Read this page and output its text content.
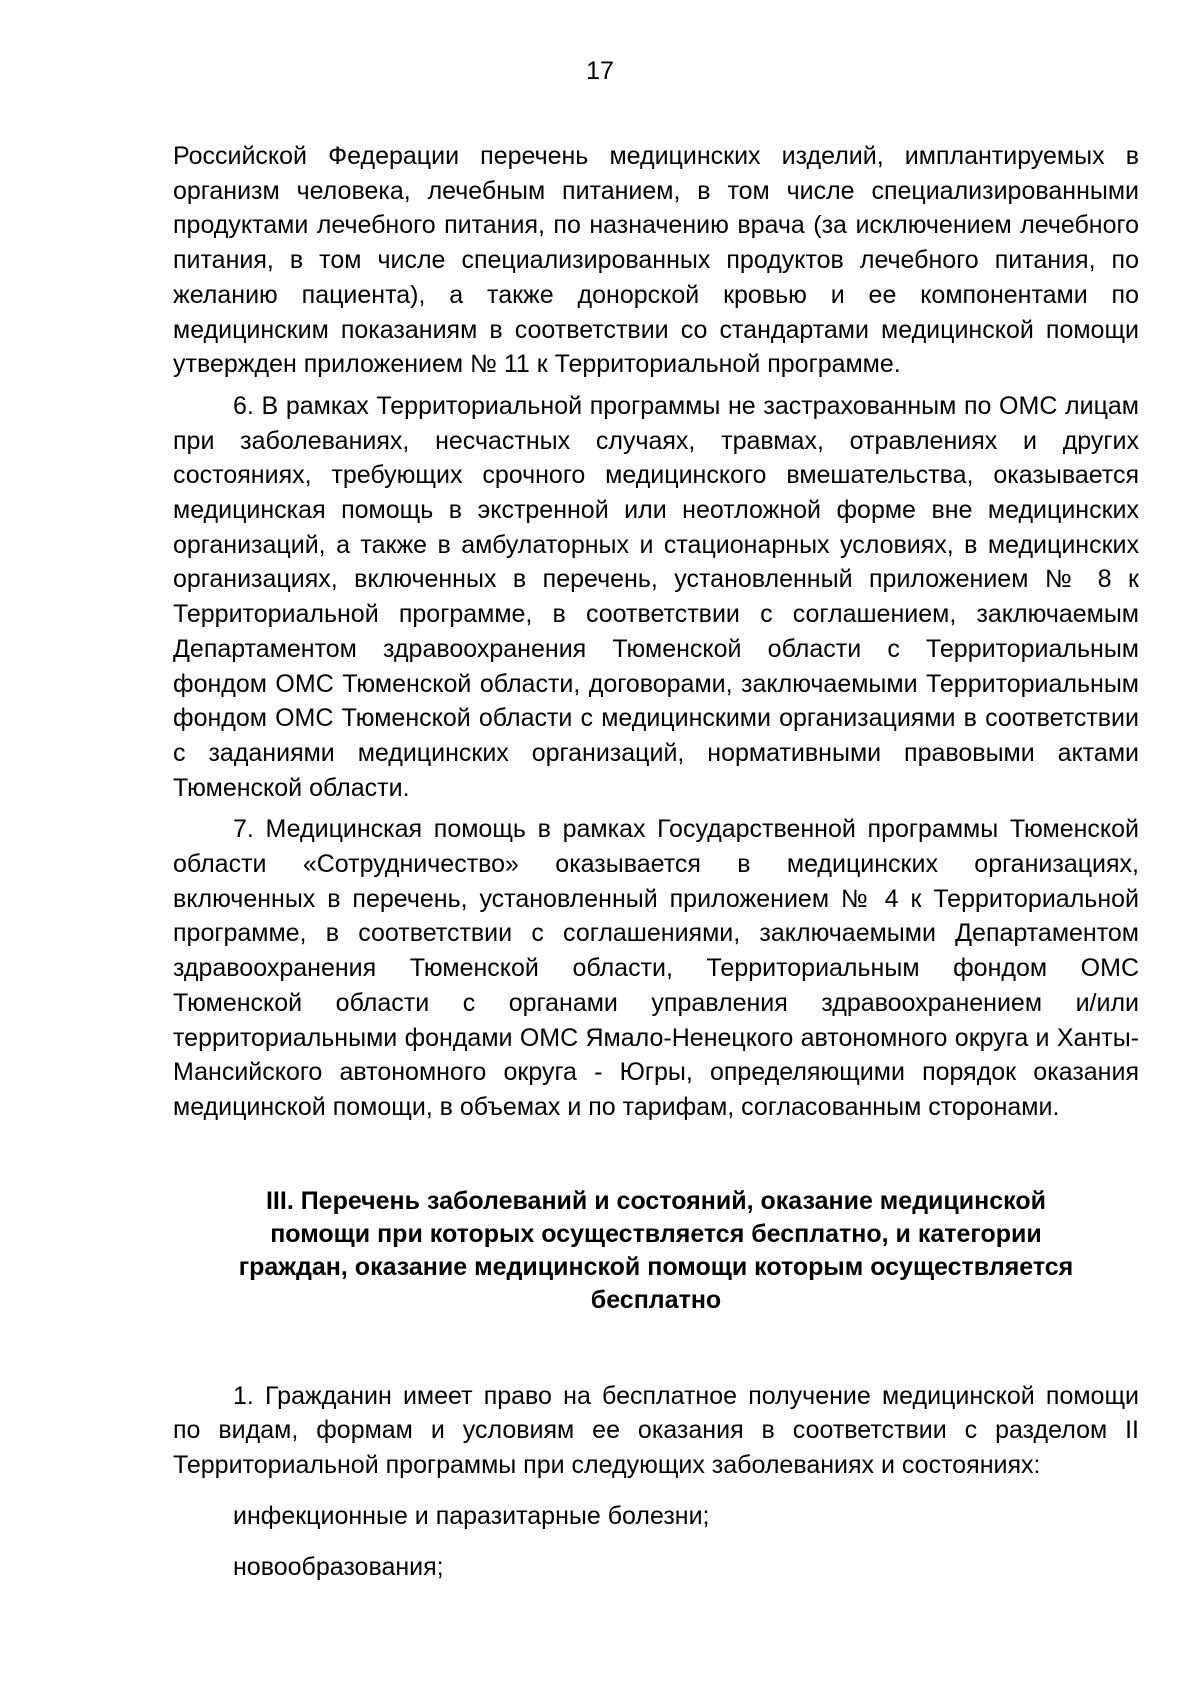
17

Российской Федерации перечень медицинских изделий, имплантируемых в организм человека, лечебным питанием, в том числе специализированными продуктами лечебного питания, по назначению врача (за исключением лечебного питания, в том числе специализированных продуктов лечебного питания, по желанию пациента), а также донорской кровью и ее компонентами по медицинским показаниям в соответствии со стандартами медицинской помощи утвержден приложением № 11 к Территориальной программе.

6. В рамках Территориальной программы не застрахованным по ОМС лицам при заболеваниях, несчастных случаях, травмах, отравлениях и других состояниях, требующих срочного медицинского вмешательства, оказывается медицинская помощь в экстренной или неотложной форме вне медицинских организаций, а также в амбулаторных и стационарных условиях, в медицинских организациях, включенных в перечень, установленный приложением № 8 к Территориальной программе, в соответствии с соглашением, заключаемым Департаментом здравоохранения Тюменской области с Территориальным фондом ОМС Тюменской области, договорами, заключаемыми Территориальным фондом ОМС Тюменской области с медицинскими организациями в соответствии с заданиями медицинских организаций, нормативными правовыми актами Тюменской области.

7. Медицинская помощь в рамках Государственной программы Тюменской области «Сотрудничество» оказывается в медицинских организациях, включенных в перечень, установленный приложением № 4 к Территориальной программе, в соответствии с соглашениями, заключаемыми Департаментом здравоохранения Тюменской области, Территориальным фондом ОМС Тюменской области с органами управления здравоохранением и/или территориальными фондами ОМС Ямало-Ненецкого автономного округа и Ханты-Мансийского автономного округа - Югры, определяющими порядок оказания медицинской помощи, в объемах и по тарифам, согласованным сторонами.

III. Перечень заболеваний и состояний, оказание медицинской помощи при которых осуществляется бесплатно, и категории граждан, оказание медицинской помощи которым осуществляется бесплатно

1. Гражданин имеет право на бесплатное получение медицинской помощи по видам, формам и условиям ее оказания в соответствии с разделом II Территориальной программы при следующих заболеваниях и состояниях:

инфекционные и паразитарные болезни;

новообразования;
